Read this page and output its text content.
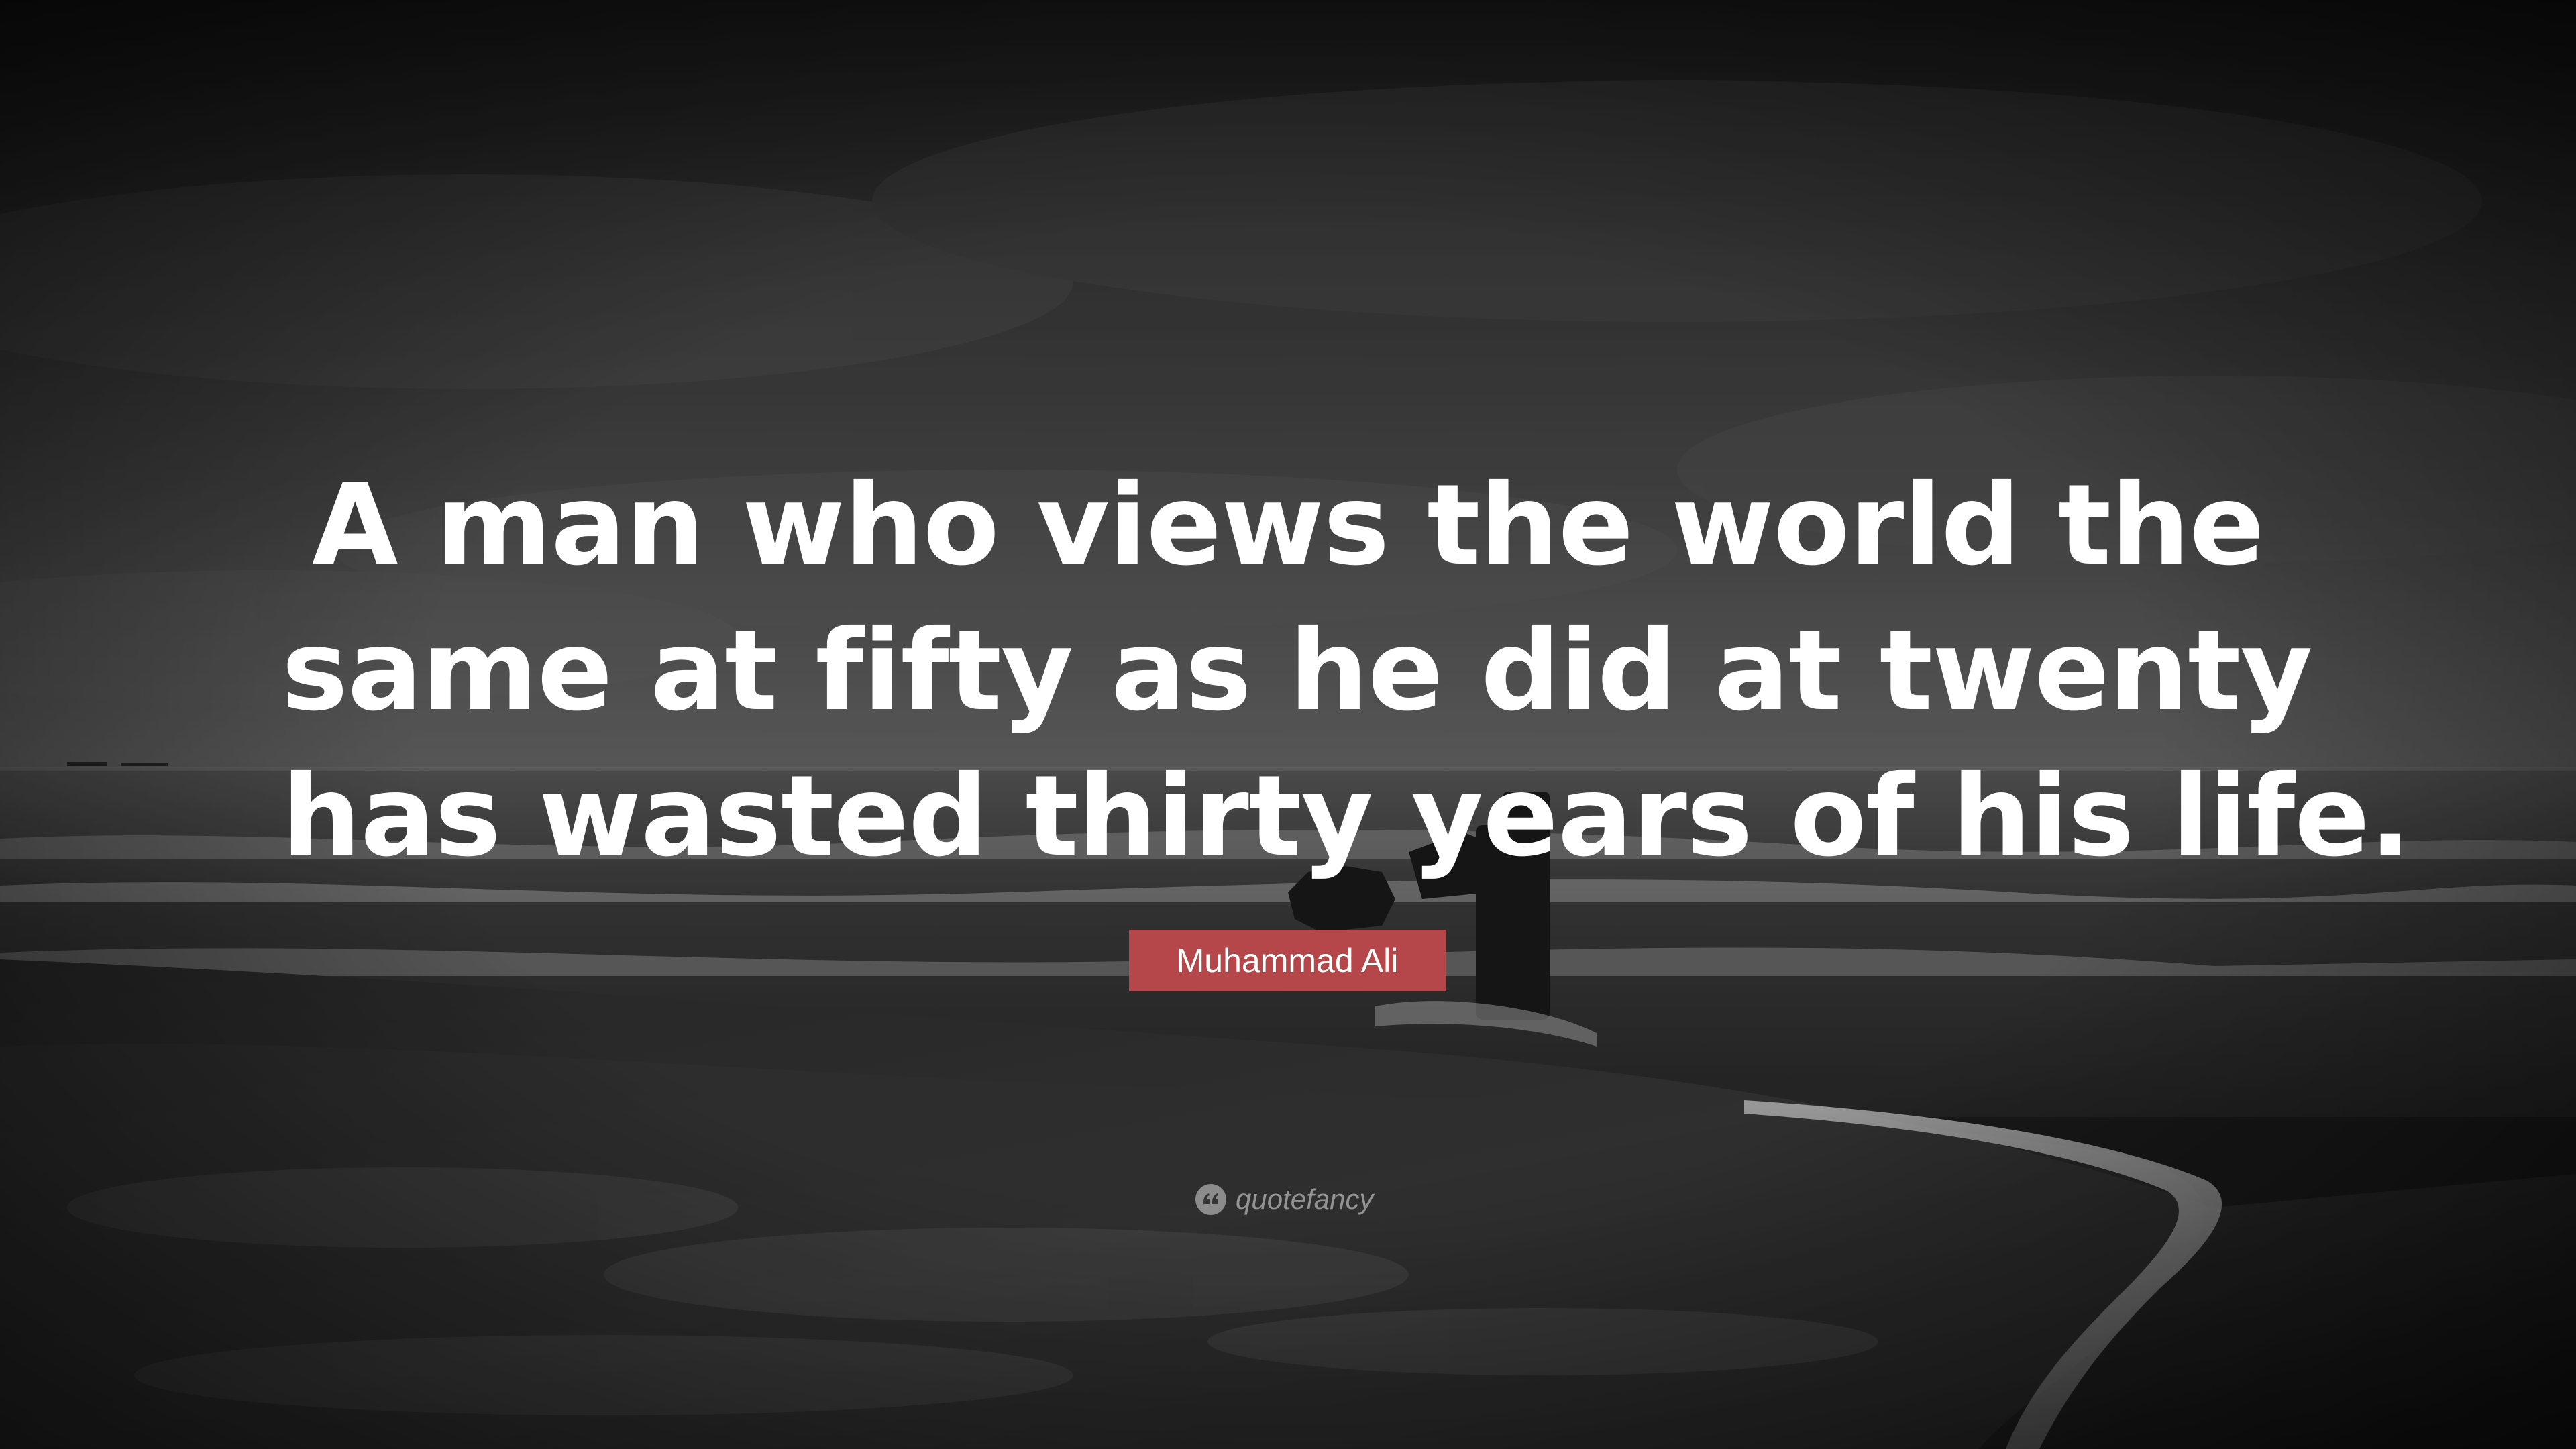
A man who views the world the
same at fifty as he did at twenty
has wasted thirty years of his life.

Muhammad Ali
quotefancy
